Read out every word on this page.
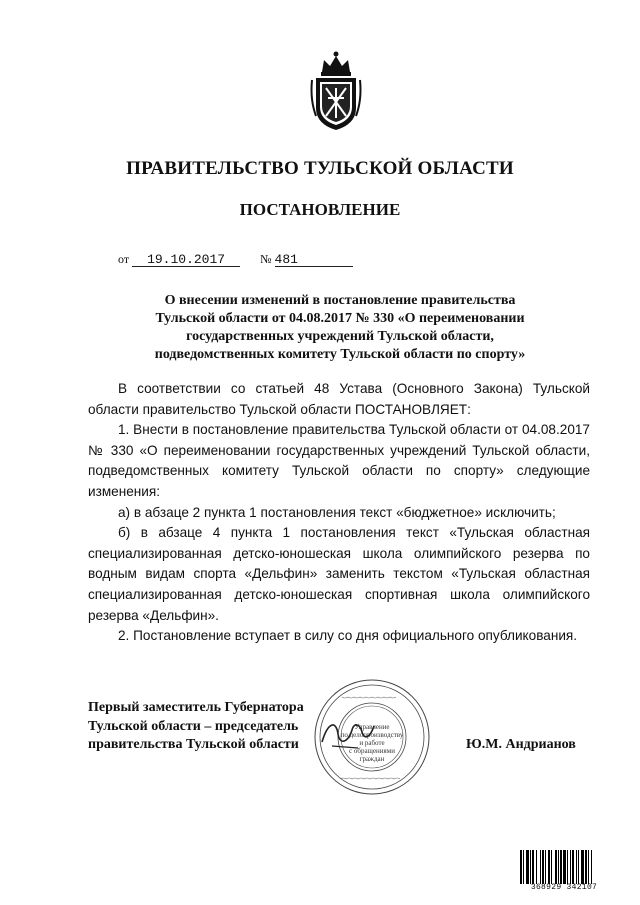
ПРАВИТЕЛЬСТВО ТУЛЬСКОЙ ОБЛАСТИ
ПОСТАНОВЛЕНИЕ
от 19.10.2017	№ 481
О внесении изменений в постановление правительства
Тульской области от 04.08.2017 № 330 «О переименовании
государственных учреждений Тульской области,
подведомственных комитету Тульской области по спорту»

В соответствии со статьей 48 Устава (Основного Закона) Тульской области правительство Тульской области ПОСТАНОВЛЯЕТ:

1. Внести в постановление правительства Тульской области от 04.08.2017 № 330 «О переименовании государственных учреждений Тульской области, подведомственных комитету Тульской области по спорту» следующие изменения:

а) в абзаце 2 пункта 1 постановления текст «бюджетное» исключить;

б) в абзаце 4 пункта 1 постановления текст «Тульская областная специализированная детско-юношеская школа олимпийского резерва по водным видам спорта «Дельфин» заменить текстом «Тульская областная специализированная детско-юношеская спортивная школа олимпийского резерва «Дельфин».

2. Постановление вступает в силу со дня официального опубликования.

Первый заместитель Губернатора
Тульской области – председатель
правительства Тульской области
Управление
по делопроизводству
и работе
с обращениями
граждан
Ю.М. Андрианов
368929 342107
